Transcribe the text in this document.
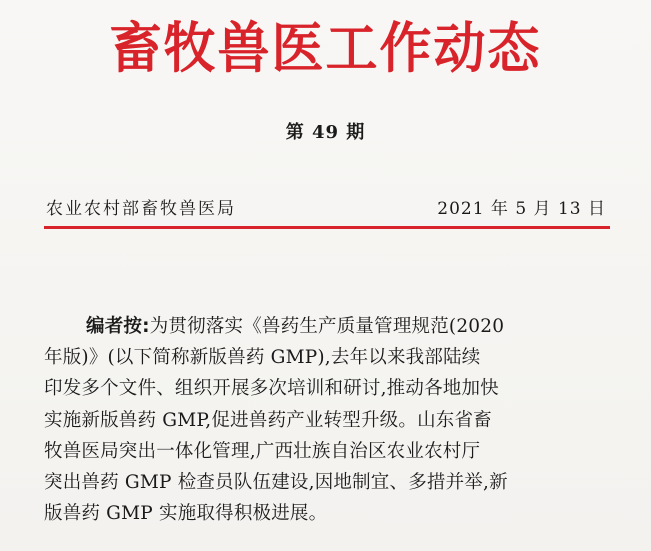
畜牧兽医工作动态
第 49 期
农业农村部畜牧兽医局	2021 年 5 月 13 日
编者按:为贯彻落实《兽药生产质量管理规范(2020
年版)》(以下简称新版兽药 GMP),去年以来我部陆续
印发多个文件、组织开展多次培训和研讨,推动各地加快
实施新版兽药 GMP,促进兽药产业转型升级。山东省畜
牧兽医局突出一体化管理,广西壮族自治区农业农村厅
突出兽药 GMP 检查员队伍建设,因地制宜、多措并举,新
版兽药 GMP 实施取得积极进展。
